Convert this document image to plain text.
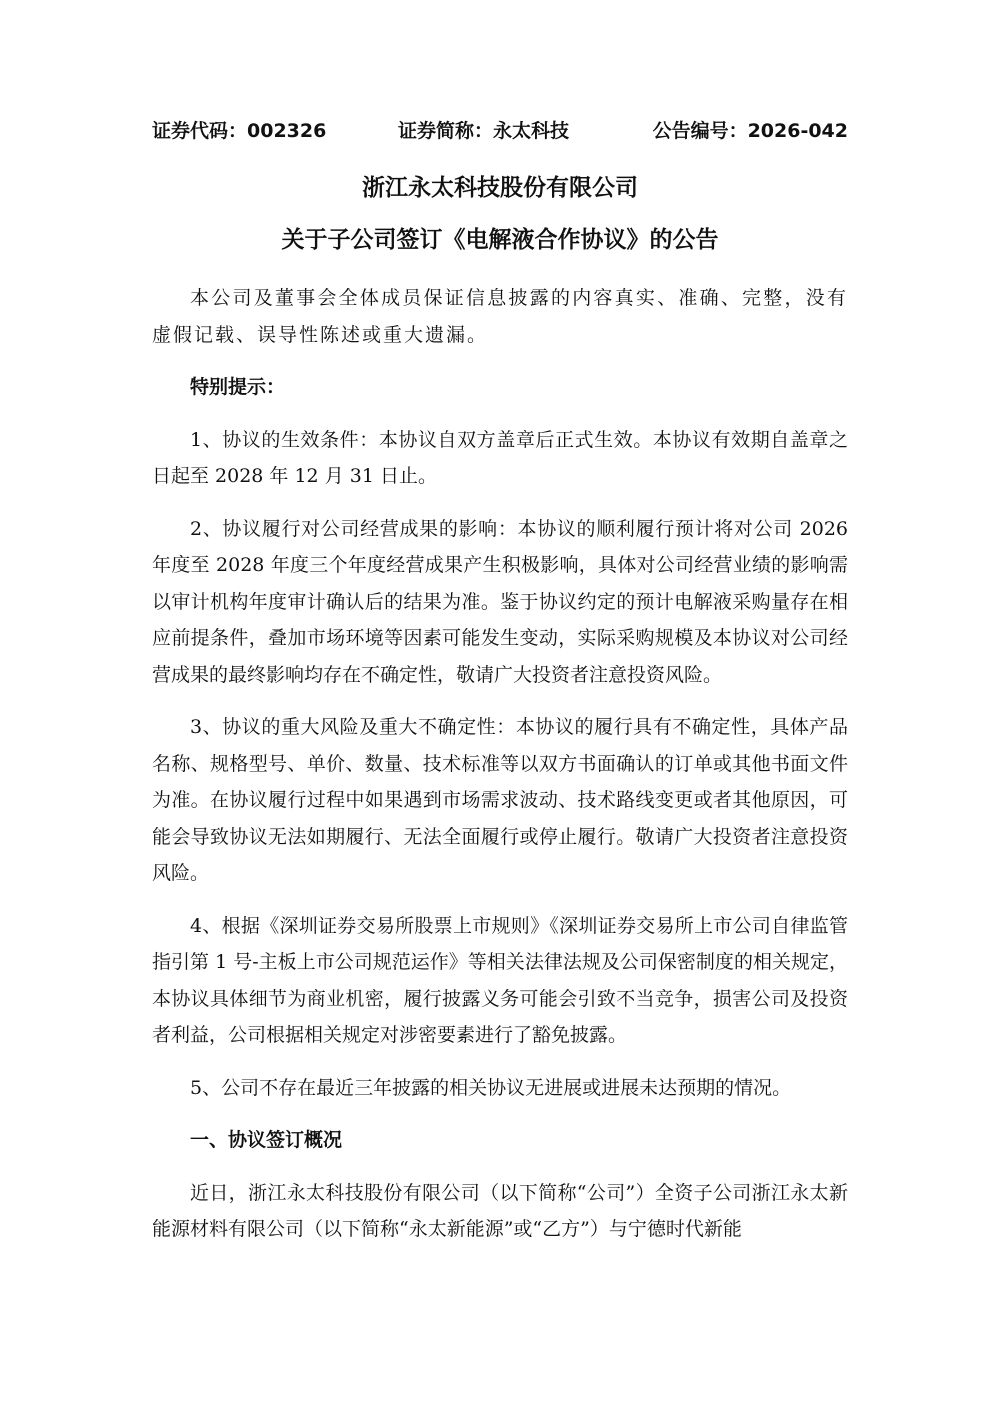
证券代码：002326	证券简称：永太科技	公告编号：2026-042
浙江永太科技股份有限公司
关于子公司签订《电解液合作协议》的公告

本公司及董事会全体成员保证信息披露的内容真实、准确、完整，没有虚假记载、误导性陈述或重大遗漏。

特别提示：

1、协议的生效条件：本协议自双方盖章后正式生效。本协议有效期自盖章之日起至 2028 年 12 月 31 日止。

2、协议履行对公司经营成果的影响：本协议的顺利履行预计将对公司 2026 年度至 2028 年度三个年度经营成果产生积极影响，具体对公司经营业绩的影响需以审计机构年度审计确认后的结果为准。鉴于协议约定的预计电解液采购量存在相应前提条件，叠加市场环境等因素可能发生变动，实际采购规模及本协议对公司经营成果的最终影响均存在不确定性，敬请广大投资者注意投资风险。

3、协议的重大风险及重大不确定性：本协议的履行具有不确定性，具体产品名称、规格型号、单价、数量、技术标准等以双方书面确认的订单或其他书面文件为准。在协议履行过程中如果遇到市场需求波动、技术路线变更或者其他原因，可能会导致协议无法如期履行、无法全面履行或停止履行。敬请广大投资者注意投资风险。

4、根据《深圳证券交易所股票上市规则》《深圳证券交易所上市公司自律监管指引第 1 号-主板上市公司规范运作》等相关法律法规及公司保密制度的相关规定，本协议具体细节为商业机密，履行披露义务可能会引致不当竞争，损害公司及投资者利益，公司根据相关规定对涉密要素进行了豁免披露。

5、公司不存在最近三年披露的相关协议无进展或进展未达预期的情况。

一、协议签订概况

近日，浙江永太科技股份有限公司（以下简称“公司”）全资子公司浙江永太新能源材料有限公司（以下简称“永太新能源”或“乙方”）与宁德时代新能
